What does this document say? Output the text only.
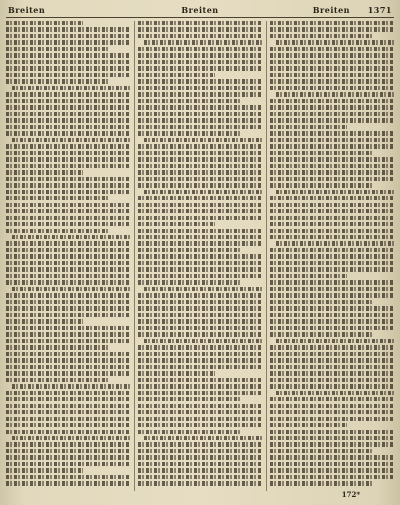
Breiten	Breiten	Breiten 1371
172*
